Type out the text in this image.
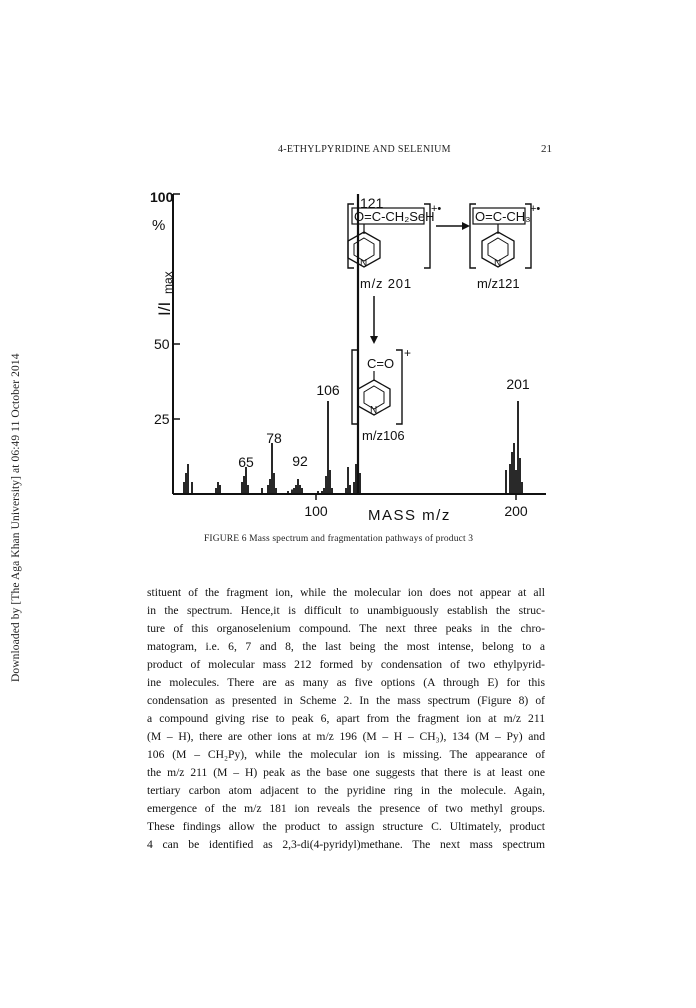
Downloaded by [The Aga Khan University] at 06:49 11 October 2014
4-ETHYLPYRIDINE AND SELENIUM	21
100
50
25
%
I/I
max
100	200
MASS m/z
65
78
92
106
121
201
O=C-CH₂SeH
+•
N
m/z 201
O=C-CH₃ +•
N
m/z121
C=O
+
N
m/z106
FIGURE 6 Mass spectrum and fragmentation pathways of product 3
stituent of the fragment ion, while the molecular ion does not appear at all
in the spectrum. Hence,it is difficult to unambiguously establish the struc-
ture of this organoselenium compound. The next three peaks in the chro-
matogram, i.e. 6, 7 and 8, the last being the most intense, belong to a
product of molecular mass 212 formed by condensation of two ethylpyrid-
ine molecules. There are as many as five options (A through E) for this
condensation as presented in Scheme 2. In the mass spectrum (Figure 8) of
a compound giving rise to peak 6, apart from the fragment ion at m/z 211
(M – H), there are other ions at m/z 196 (M – H – CH₃), 134 (M – Py) and
106 (M – CH₂Py), while the molecular ion is missing. The appearance of
the m/z 211 (M – H) peak as the base one suggests that there is at least one
tertiary carbon atom adjacent to the pyridine ring in the molecule. Again,
emergence of the m/z 181 ion reveals the presence of two methyl groups.
These findings allow the product to assign structure C. Ultimately, product
4 can be identified as 2,3-di(4-pyridyl)methane. The next mass spectrum
